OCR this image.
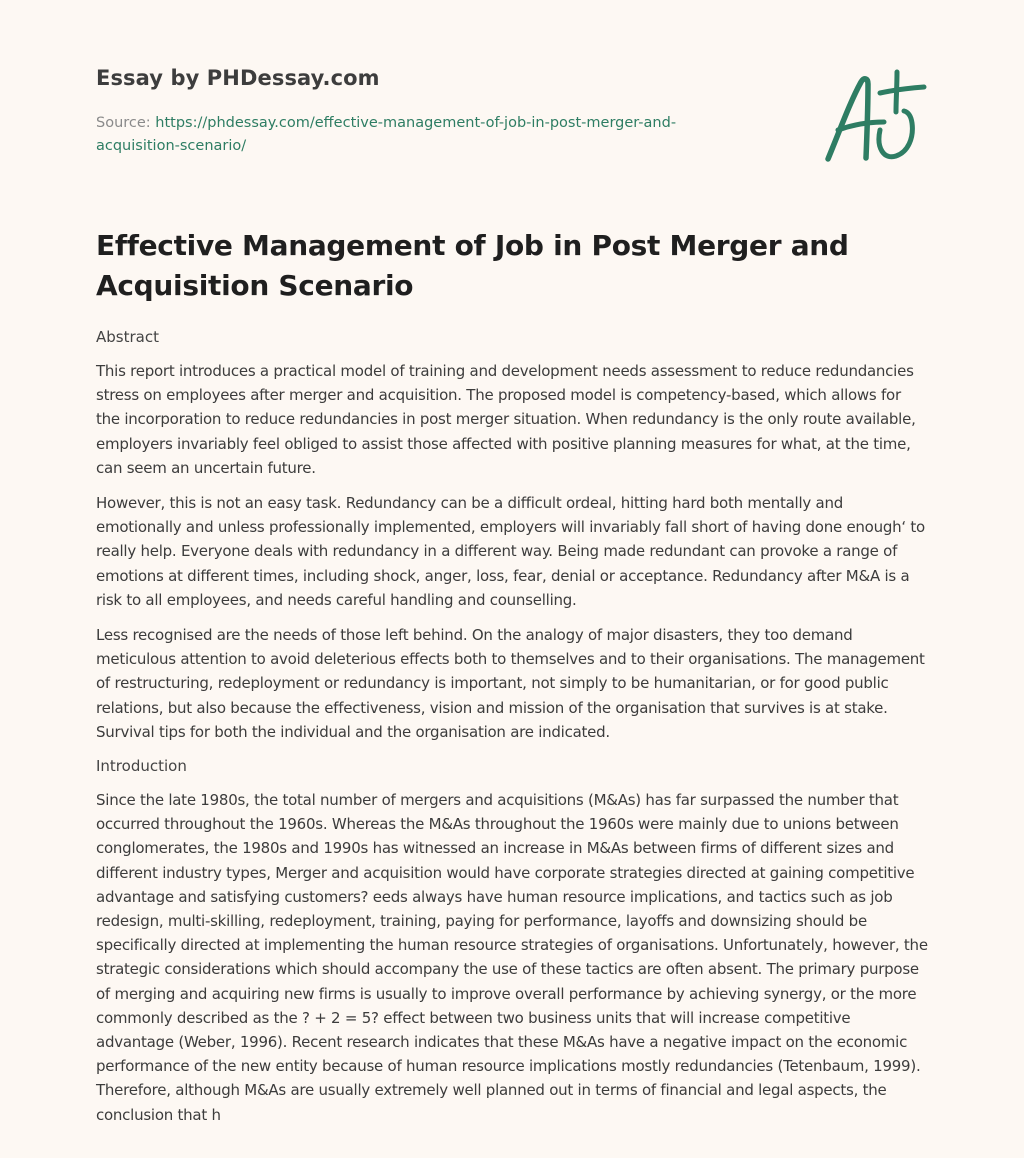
Essay by PHDessay.com

Source: https://phdessay.com/effective-management-of-job-in-post-merger-and-acquisition-scenario/

Effective Management of Job in Post Merger and Acquisition Scenario

Abstract

This report introduces a practical model of training and development needs assessment to reduce redundancies stress on employees after merger and acquisition. The proposed model is competency-based, which allows for the incorporation to reduce redundancies in post merger situation. When redundancy is the only route available, employers invariably feel obliged to assist those affected with positive planning measures for what, at the time, can seem an uncertain future.

However, this is not an easy task. Redundancy can be a difficult ordeal, hitting hard both mentally and emotionally and unless professionally implemented, employers will invariably fall short of having done enough‘ to really help. Everyone deals with redundancy in a different way. Being made redundant can provoke a range of emotions at different times, including shock, anger, loss, fear, denial or acceptance. Redundancy after M&A is a risk to all employees, and needs careful handling and counselling.

Less recognised are the needs of those left behind. On the analogy of major disasters, they too demand meticulous attention to avoid deleterious effects both to themselves and to their organisations. The management of restructuring, redeployment or redundancy is important, not simply to be humanitarian, or for good public relations, but also because the effectiveness, vision and mission of the organisation that survives is at stake. Survival tips for both the individual and the organisation are indicated.

Introduction

Since the late 1980s, the total number of mergers and acquisitions (M&As) has far surpassed the number that occurred throughout the 1960s. Whereas the M&As throughout the 1960s were mainly due to unions between conglomerates, the 1980s and 1990s has witnessed an increase in M&As between firms of different sizes and different industry types, Merger and acquisition would have corporate strategies directed at gaining competitive advantage and satisfying customers? eeds always have human resource implications, and tactics such as job redesign, multi-skilling, redeployment, training, paying for performance, layoffs and downsizing should be specifically directed at implementing the human resource strategies of organisations. Unfortunately, however, the strategic considerations which should accompany the use of these tactics are often absent. The primary purpose of merging and acquiring new firms is usually to improve overall performance by achieving synergy, or the more commonly described as the ? + 2 = 5? effect between two business units that will increase competitive advantage (Weber, 1996). Recent research indicates that these M&As have a negative impact on the economic performance of the new entity because of human resource implications mostly redundancies (Tetenbaum, 1999). Therefore, although M&As are usually extremely well planned out in terms of financial and legal aspects, the conclusion that h
